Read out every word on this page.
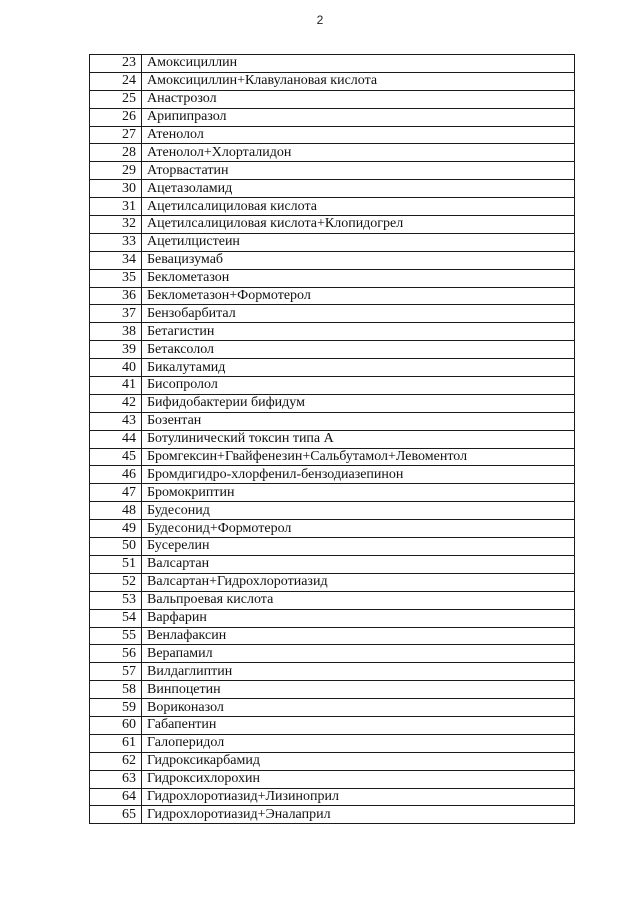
2
23	Амоксициллин
24	Амоксициллин+Клавулановая кислота
25	Анастрозол
26	Арипипразол
27	Атенолол
28	Атенолол+Хлорталидон
29	Аторвастатин
30	Ацетазоламид
31	Ацетилсалициловая кислота
32	Ацетилсалициловая кислота+Клопидогрел
33	Ацетилцистеин
34	Бевацизумаб
35	Беклометазон
36	Беклометазон+Формотерол
37	Бензобарбитал
38	Бетагистин
39	Бетаксолол
40	Бикалутамид
41	Бисопролол
42	Бифидобактерии бифидум
43	Бозентан
44	Ботулинический токсин типа А
45	Бромгексин+Гвайфенезин+Сальбутамол+Левоментол
46	Бромдигидро-хлорфенил-бензодиазепинон
47	Бромокриптин
48	Будесонид
49	Будесонид+Формотерол
50	Бусерелин
51	Валсартан
52	Валсартан+Гидрохлоротиазид
53	Вальпроевая кислота
54	Варфарин
55	Венлафаксин
56	Верапамил
57	Вилдаглиптин
58	Винпоцетин
59	Вориконазол
60	Габапентин
61	Галоперидол
62	Гидроксикарбамид
63	Гидроксихлорохин
64	Гидрохлоротиазид+Лизиноприл
65	Гидрохлоротиазид+Эналаприл
